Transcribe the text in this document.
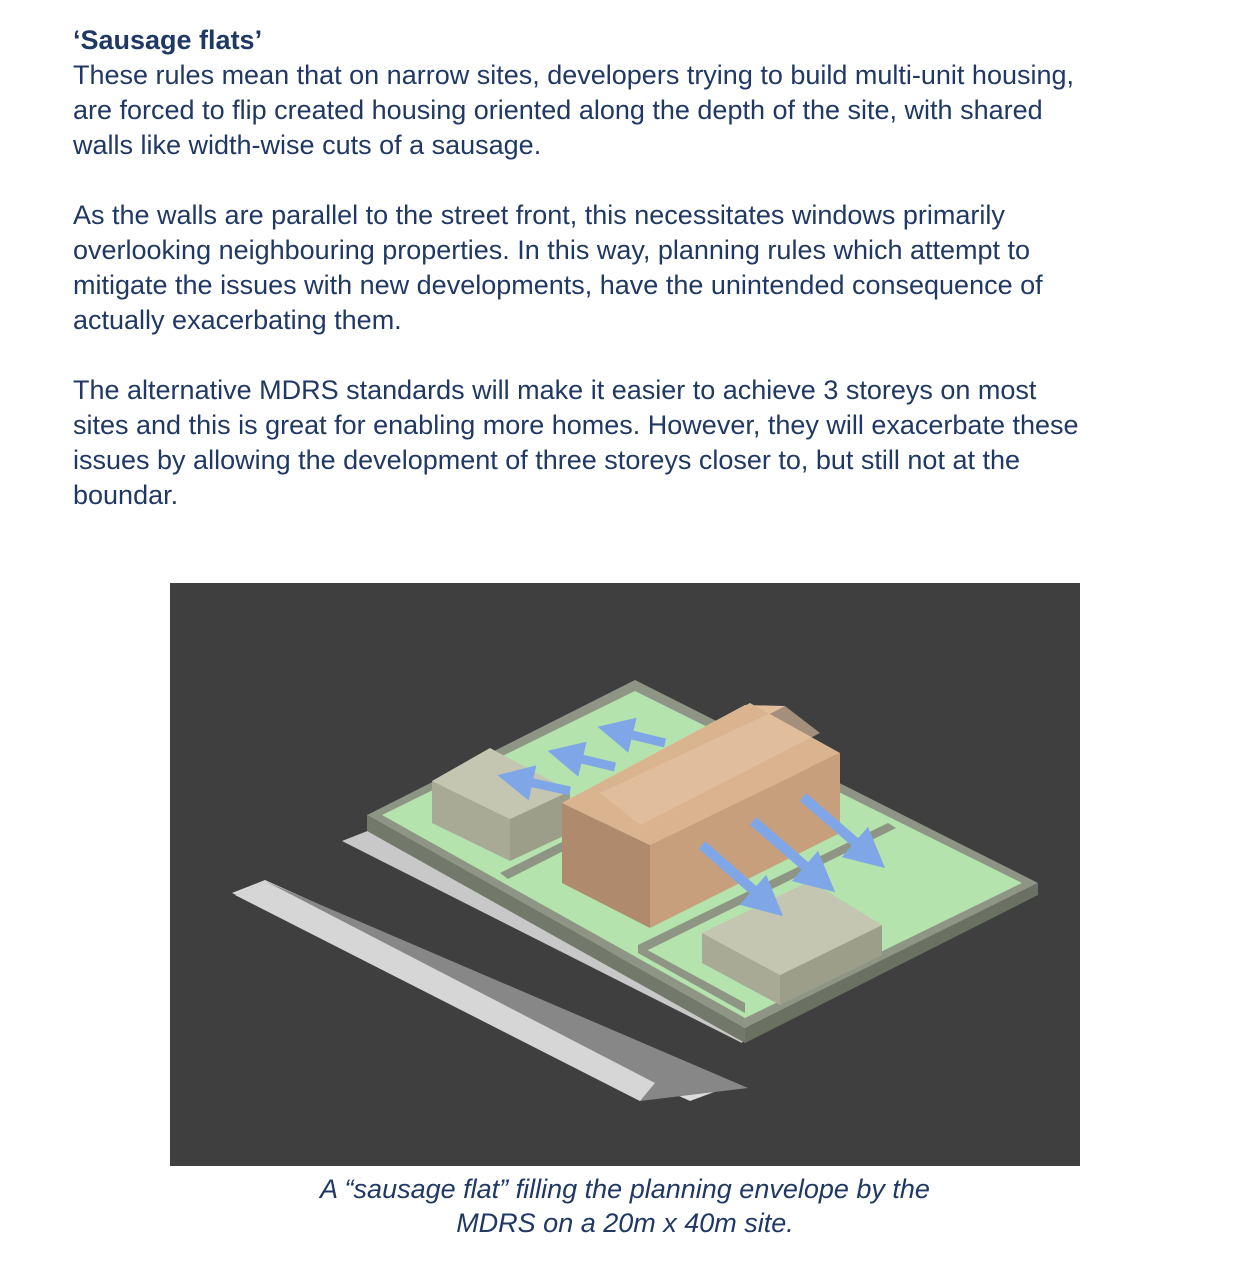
‘Sausage flats’

These rules mean that on narrow sites, developers trying to build multi-unit housing,
are forced to flip created housing oriented along the depth of the site, with shared
walls like width-wise cuts of a sausage.

As the walls are parallel to the street front, this necessitates windows primarily
overlooking neighbouring properties. In this way, planning rules which attempt to
mitigate the issues with new developments, have the unintended consequence of
actually exacerbating them.

The alternative MDRS standards will make it easier to achieve 3 storeys on most
sites and this is great for enabling more homes. However, they will exacerbate these
issues by allowing the development of three storeys closer to, but still not at the
boundar.

A “sausage flat” filling the planning envelope by the
MDRS on a 20m x 40m site.
